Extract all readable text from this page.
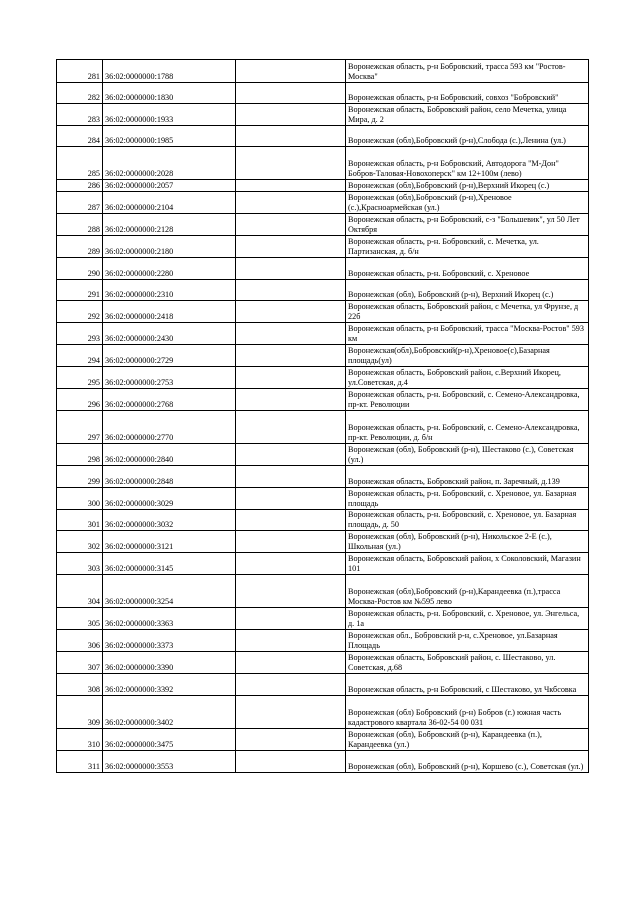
281	36:02:0000000:1788		Воронежская область, р-н Бобровский, трасса 593 км "Ростов-Москва"
282	36:02:0000000:1830		Воронежская область, р-н Бобровский, совхоз "Бобровский"
283	36:02:0000000:1933		Воронежская область, Бобровский район, село Мечетка, улица Мира, д. 2
284	36:02:0000000:1985		Воронежская (обл),Бобровский (р-н),Слобода (с.),Ленина (ул.)
285	36:02:0000000:2028		Воронежская область, р-н Бобровский, Автодорога "М-Дон" Бобров-Таловая-Новохоперск" км 12+100м (лево)
286	36:02:0000000:2057		Воронежская (обл),Бобровский (р-н),Верхний Икорец (с.)
287	36:02:0000000:2104		Воронежская (обл),Бобровский (р-н),Хреновое (с.),Красноармейская (ул.)
288	36:02:0000000:2128		Воронежская область, р-н Бобровский, с-з "Большевик", ул 50 Лет Октября
289	36:02:0000000:2180		Воронежская область, р-н. Бобровский, с. Мечетка, ул. Партизанская, д. б/н
290	36:02:0000000:2280		Воронежская область, р-н. Бобровский, с. Хреновое
291	36:02:0000000:2310		Воронежская (обл), Бобровский (р-н), Верхний Икорец (с.)
292	36:02:0000000:2418		Воронежская область, Бобровский район, с Мечетка, ул Фрунзе, д 22б
293	36:02:0000000:2430		Воронежская область, р-н Бобровский, трасса "Москва-Ростов" 593 км
294	36:02:0000000:2729		Воронежская(обл),Бобровский(р-н),Хреновое(с),Базарная площадь(ул)
295	36:02:0000000:2753		Воронежская область, Бобровский район, с.Верхний Икорец, ул.Советская, д.4
296	36:02:0000000:2768		Воронежская область, р-н. Бобровский, с. Семено-Александровка, пр-кт. Революции
297	36:02:0000000:2770		Воронежская область, р-н. Бобровский, с. Семено-Александровка, пр-кт. Революции, д. б/н
298	36:02:0000000:2840		Воронежская (обл), Бобровский (р-н), Шестаково (с.), Советская (ул.)
299	36:02:0000000:2848		Воронежская область, Бобровский район, п. Заречный, д.139
300	36:02:0000000:3029		Воронежская область, р-н. Бобровский, с. Хреновое, ул. Базарная площадь
301	36:02:0000000:3032		Воронежская область, р-н. Бобровский, с. Хреновое, ул. Базарная площадь, д. 50
302	36:02:0000000:3121		Воронежская (обл), Бобровский (р-н), Никольское 2-Е (с.), Школьная (ул.)
303	36:02:0000000:3145		Воронежская область, Бобровский район, х Соколовский, Магазин 101
304	36:02:0000000:3254		Воронежская (обл),Бобровский (р-н),Карандеевка (п.),трасса Москва-Ростов км №595 лево
305	36:02:0000000:3363		Воронежская область, р-н. Бобровский, с. Хреновое, ул. Энгельса, д. 1а
306	36:02:0000000:3373		Воронежская обл., Бобровский р-н, с.Хреновое, ул.Базарная Площадь
307	36:02:0000000:3390		Воронежская область, Бобровский район, с. Шестаково, ул. Советская, д.68
308	36:02:0000000:3392		Воронежская область, р-н Бобровский, с Шестаково, ул Чкбсовка
309	36:02:0000000:3402		Воронежская (обл) Бобровский (р-н) Бобров (г.) южная часть кадастрового квартала 36-02-54 00 031
310	36:02:0000000:3475		Воронежская (обл), Бобровский (р-н), Карандеевка (п.), Карандеевка (ул.)
311	36:02:0000000:3553		Воронежская (обл), Бобровский (р-н), Коршево (с.), Советская (ул.)
